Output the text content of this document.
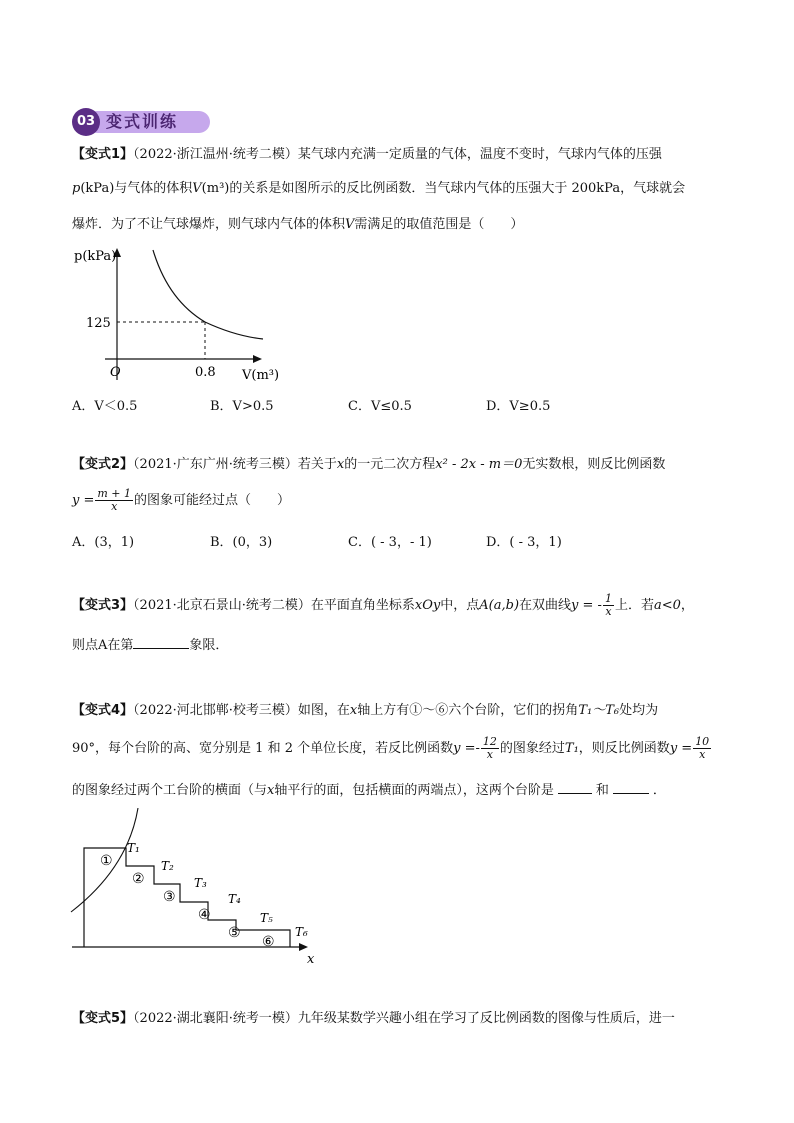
03 变式训练
【变式1】（2022·浙江温州·统考二模）某气球内充满一定质量的气体，温度不变时，气球内气体的压强
p(kPa)与气体的体积V(m³)的关系是如图所示的反比例函数．当气球内气体的压强大于 200kPa，气球就会
爆炸．为了不让气球爆炸，则气球内气体的体积V需满足的取值范围是（　　）
p(kPa)
125
O	0.8 V(m³)
A．V＜0.5	B．V>0.5	C．V≤0.5	D．V≥0.5
【变式2】（2021·广东广州·统考三模）若关于x的一元二次方程x² - 2x - m＝0无实数根，则反比例函数
$y = \frac{m + 1}{x}$ 的图象可能经过点（　　）
A．(3，1)	B．(0，3)	C．( - 3，- 1)	D．( - 3，1)
【变式3】（2021·北京石景山·统考二模）在平面直角坐标系xOy中，点A(a,b)在双曲线y = - $\frac{1}{x}$ 上．若a<0，
则点A在第	象限．
【变式4】（2022·河北邯郸·校考三模）如图，在x轴上方有①～⑥六个台阶，它们的拐角T₁～T₆处均为
90°，每个台阶的高、宽分别是 1 和 2 个单位长度，若反比例函数$y =- \frac{12}{x}$ 的图象经过T₁，则反比例函数$y = \frac{10}{x}$
的图象经过两个工台阶的横面（与x轴平行的面，包括横面的两端点），这两个台阶是	和	．
x
①
②
③
④
⑤
⑥
T₁
T₂
T₃
T₄
T₅
T₆
【变式5】（2022·湖北襄阳·统考一模）九年级某数学兴趣小组在学习了反比例函数的图像与性质后，进一
